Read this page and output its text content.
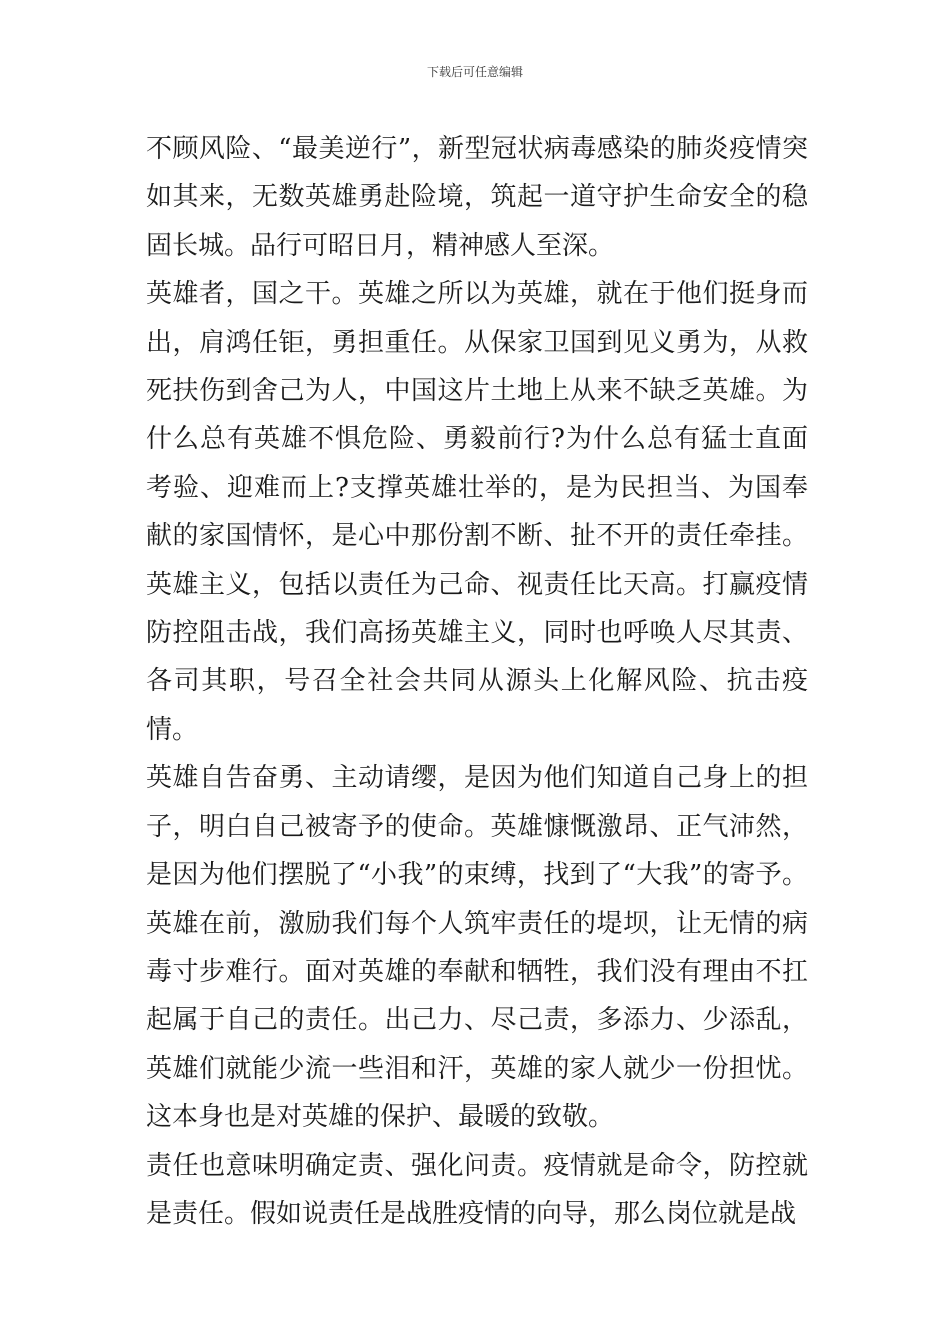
下载后可任意编辑

不顾风险、“最美逆行”，新型冠状病毒感染的肺炎疫情突如其来，无数英雄勇赴险境，筑起一道守护生命安全的稳固长城。品行可昭日月，精神感人至深。

英雄者，国之干。英雄之所以为英雄，就在于他们挺身而出，肩鸿任钜，勇担重任。从保家卫国到见义勇为，从救死扶伤到舍己为人，中国这片土地上从来不缺乏英雄。为什么总有英雄不惧危险、勇毅前行?为什么总有猛士直面考验、迎难而上?支撑英雄壮举的，是为民担当、为国奉献的家国情怀，是心中那份割不断、扯不开的责任牵挂。英雄主义，包括以责任为己命、视责任比天高。打赢疫情防控阻击战，我们高扬英雄主义，同时也呼唤人尽其责、各司其职，号召全社会共同从源头上化解风险、抗击疫情。

英雄自告奋勇、主动请缨，是因为他们知道自己身上的担子，明白自己被寄予的使命。英雄慷慨激昂、正气沛然，是因为他们摆脱了“小我”的束缚，找到了“大我”的寄予。英雄在前，激励我们每个人筑牢责任的堤坝，让无情的病毒寸步难行。面对英雄的奉献和牺牲，我们没有理由不扛起属于自己的责任。出己力、尽己责，多添力、少添乱，英雄们就能少流一些泪和汗，英雄的家人就少一份担忧。这本身也是对英雄的保护、最暖的致敬。

责任也意味明确定责、强化问责。疫情就是命令，防控就是责任。假如说责任是战胜疫情的向导，那么岗位就是战
